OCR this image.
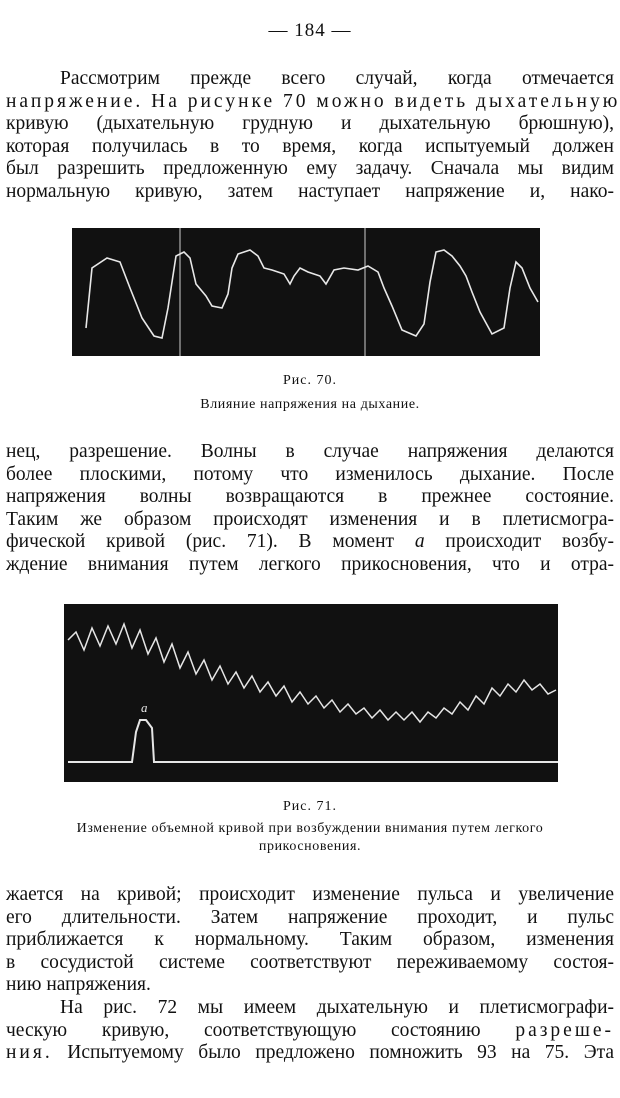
— 184 —

Рассмотрим прежде всего случай, когда отмечается
напряжение. На рисунке 70 можно видеть дыхательную
кривую (дыхательную грудную и дыхательную брюшную),
которая получилась в то время, когда испытуемый должен
был разрешить предложенную ему задачу. Сначала мы видим
нормальную кривую, затем наступает напряжение и, нако-

Рис. 70.
Влияние напряжения на дыхание.

нец, разрешение. Волны в случае напряжения делаются
более плоскими, потому что изменилось дыхание. После
напряжения волны возвращаются в прежнее состояние.
Таким же образом происходят изменения и в плетисмогра-
фической кривой (рис. 71). В момент a происходит возбу-
ждение внимания путем легкого прикосновения, что и отра-

a
Рис. 71.
Изменение объемной кривой при возбуждении внимания путем легкого
прикосновения.

жается на кривой; происходит изменение пульса и увеличение
его длительности. Затем напряжение проходит, и пульс
приближается к нормальному. Таким образом, изменения
в сосудистой системе соответствуют переживаемому состоя-
нию напряжения.

На рис. 72 мы имеем дыхательную и плетисмографи-
ческую кривую, соответствующую состоянию разреше-
ния. Испытуемому было предложено помножить 93 на 75. Эта
